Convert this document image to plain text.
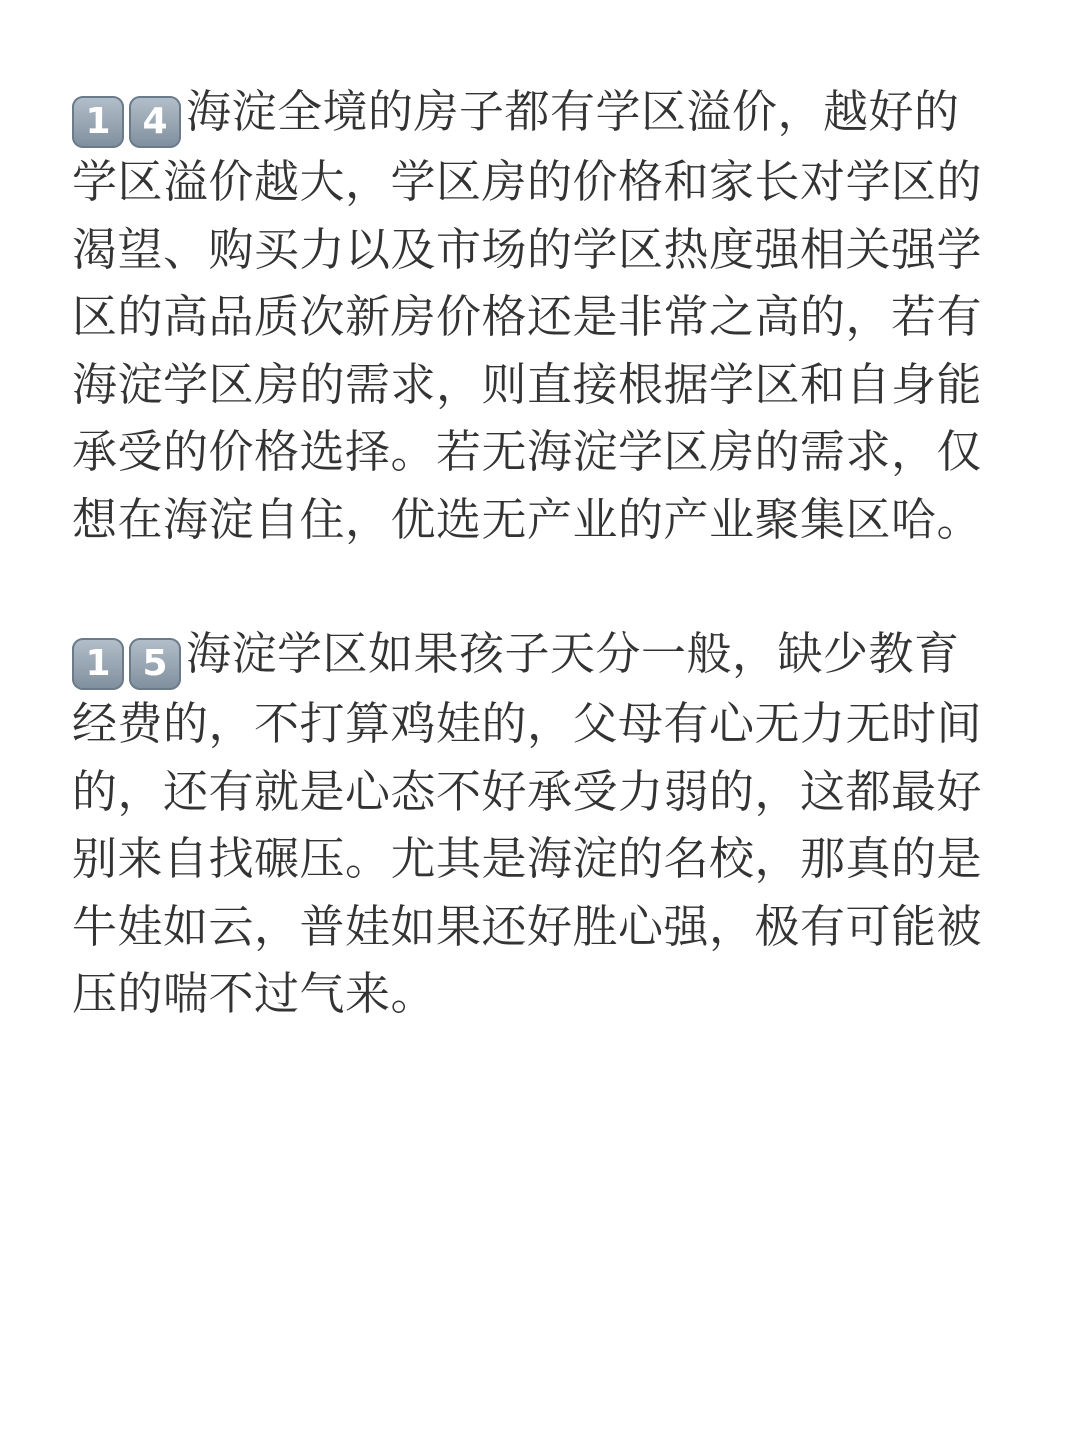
1 4 海淀全境的房子都有学区溢价，越好的学区溢价越大，学区房的价格和家长对学区的渴望、购买力以及市场的学区热度强相关强学区的高品质次新房价格还是非常之高的，若有海淀学区房的需求，则直接根据学区和自身能承受的价格选择。若无海淀学区房的需求，仅想在海淀自住，优选无产业的产业聚集区哈。

1 5 海淀学区如果孩子天分一般，缺少教育经费的，不打算鸡娃的，父母有心无力无时间的，还有就是心态不好承受力弱的，这都最好别来自找碾压。尤其是海淀的名校，那真的是牛娃如云，普娃如果还好胜心强，极有可能被压的喘不过气来。
